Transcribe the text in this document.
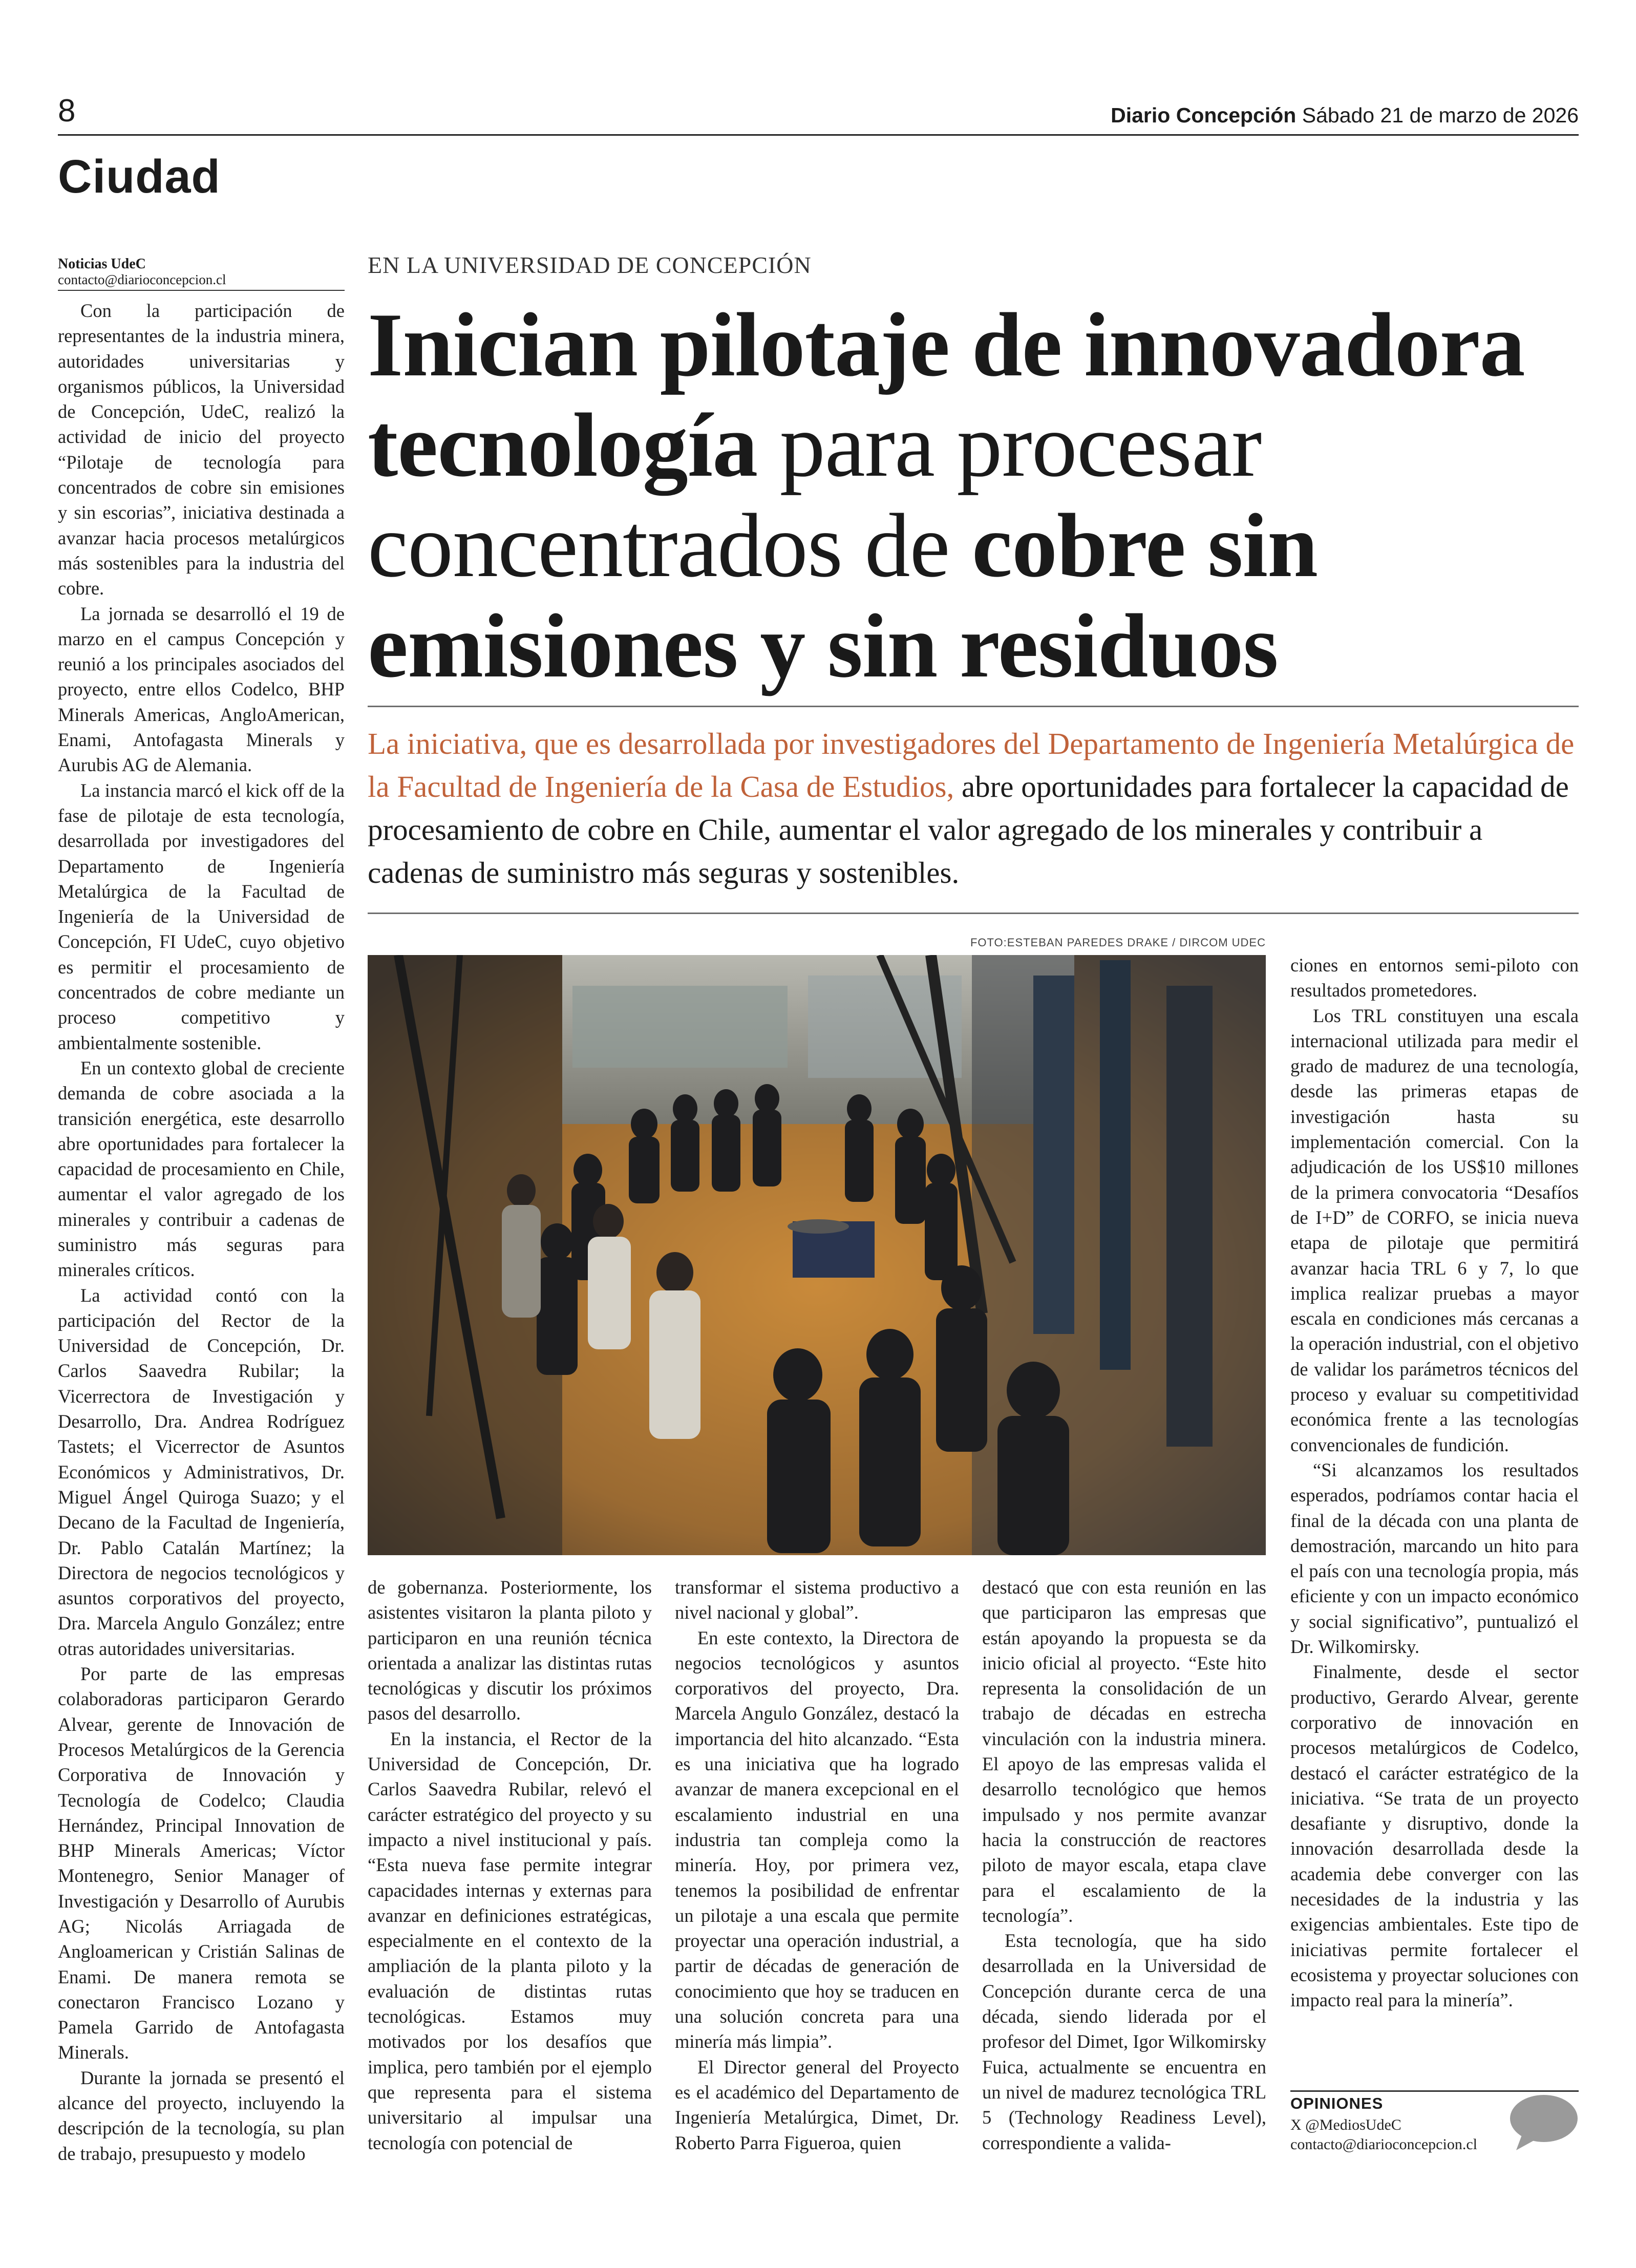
8	Diario Concepción Sábado 21 de marzo de 2026
Ciudad
Noticias UdeC
contacto@diarioconcepcion.cl
EN LA UNIVERSIDAD DE CONCEPCIÓN
Inician pilotaje de innovadora tecnología para procesar concentrados de cobre sin emisiones y sin residuos
La iniciativa, que es desarrollada por investigadores del Departamento de Ingeniería Metalúrgica de la Facultad de Ingeniería de la Casa de Estudios, abre oportunidades para fortalecer la capacidad de procesamiento de cobre en Chile, aumentar el valor agregado de los minerales y contribuir a cadenas de suministro más seguras y sostenibles.
FOTO:ESTEBAN PAREDES DRAKE / DIRCOM UDEC

Con la participación de representantes de la industria minera, autoridades universitarias y organismos públicos, la Universidad de Concepción, UdeC, realizó la actividad de inicio del proyecto “Pilotaje de tecnología para concentrados de cobre sin emisiones y sin escorias”, iniciativa destinada a avanzar hacia procesos metalúrgicos más sostenibles para la industria del cobre.

La jornada se desarrolló el 19 de marzo en el campus Concepción y reunió a los principales asociados del proyecto, entre ellos Codelco, BHP Minerals Americas, AngloAmerican, Enami, Antofagasta Minerals y Aurubis AG de Alemania.

La instancia marcó el kick off de la fase de pilotaje de esta tecnología, desarrollada por investigadores del Departamento de Ingeniería Metalúrgica de la Facultad de Ingeniería de la Universidad de Concepción, FI UdeC, cuyo objetivo es permitir el procesamiento de concentrados de cobre mediante un proceso competitivo y ambientalmente sostenible.

En un contexto global de creciente demanda de cobre asociada a la transición energética, este desarrollo abre oportunidades para fortalecer la capacidad de procesamiento en Chile, aumentar el valor agregado de los minerales y contribuir a cadenas de suministro más seguras para minerales críticos.

La actividad contó con la participación del Rector de la Universidad de Concepción, Dr. Carlos Saavedra Rubilar; la Vicerrectora de Investigación y Desarrollo, Dra. Andrea Rodríguez Tastets; el Vicerrector de Asuntos Económicos y Administrativos, Dr. Miguel Ángel Quiroga Suazo; y el Decano de la Facultad de Ingeniería, Dr. Pablo Catalán Martínez; la Directora de negocios tecnológicos y asuntos corporativos del proyecto, Dra. Marcela Angulo González; entre otras autoridades universitarias.

Por parte de las empresas colaboradoras participaron Gerardo Alvear, gerente de Innovación de Procesos Metalúrgicos de la Gerencia Corporativa de Innovación y Tecnología de Codelco; Claudia Hernández, Principal Innovation de BHP Minerals Americas; Víctor Montenegro, Senior Manager of Investigación y Desarrollo of Aurubis AG; Nicolás Arriagada de Angloamerican y Cristián Salinas de Enami. De manera remota se conectaron Francisco Lozano y Pamela Garrido de Antofagasta Minerals.

Durante la jornada se presentó el alcance del proyecto, incluyendo la descripción de la tecnología, su plan de trabajo, presupuesto y modelo

de gobernanza. Posteriormente, los asistentes visitaron la planta piloto y participaron en una reunión técnica orientada a analizar las distintas rutas tecnológicas y discutir los próximos pasos del desarrollo.

En la instancia, el Rector de la Universidad de Concepción, Dr. Carlos Saavedra Rubilar, relevó el carácter estratégico del proyecto y su impacto a nivel institucional y país. “Esta nueva fase permite integrar capacidades internas y externas para avanzar en definiciones estratégicas, especialmente en el contexto de la ampliación de la planta piloto y la evaluación de distintas rutas tecnológicas. Estamos muy motivados por los desafíos que implica, pero también por el ejemplo que representa para el sistema universitario al impulsar una tecnología con potencial de

transformar el sistema productivo a nivel nacional y global”.

En este contexto, la Directora de negocios tecnológicos y asuntos corporativos del proyecto, Dra. Marcela Angulo González, destacó la importancia del hito alcanzado. “Esta es una iniciativa que ha logrado avanzar de manera excepcional en el escalamiento industrial en una industria tan compleja como la minería. Hoy, por primera vez, tenemos la posibilidad de enfrentar un pilotaje a una escala que permite proyectar una operación industrial, a partir de décadas de generación de conocimiento que hoy se traducen en una solución concreta para una minería más limpia”.

El Director general del Proyecto es el académico del Departamento de Ingeniería Metalúrgica, Dimet, Dr. Roberto Parra Figueroa, quien

destacó que con esta reunión en las que participaron las empresas que están apoyando la propuesta se da inicio oficial al proyecto. “Este hito representa la consolidación de un trabajo de décadas en estrecha vinculación con la industria minera. El apoyo de las empresas valida el desarrollo tecnológico que hemos impulsado y nos permite avanzar hacia la construcción de reactores piloto de mayor escala, etapa clave para el escalamiento de la tecnología”.

Esta tecnología, que ha sido desarrollada en la Universidad de Concepción durante cerca de una década, siendo liderada por el profesor del Dimet, Igor Wilkomirsky Fuica, actualmente se encuentra en un nivel de madurez tecnológica TRL 5 (Technology Readiness Level), correspondiente a valida-

ciones en entornos semi-piloto con resultados prometedores.

Los TRL constituyen una escala internacional utilizada para medir el grado de madurez de una tecnología, desde las primeras etapas de investigación hasta su implementación comercial. Con la adjudicación de los US$10 millones de la primera convocatoria “Desafíos de I+D” de CORFO, se inicia nueva etapa de pilotaje que permitirá avanzar hacia TRL 6 y 7, lo que implica realizar pruebas a mayor escala en condiciones más cercanas a la operación industrial, con el objetivo de validar los parámetros técnicos del proceso y evaluar su competitividad económica frente a las tecnologías convencionales de fundición.

“Si alcanzamos los resultados esperados, podríamos contar hacia el final de la década con una planta de demostración, marcando un hito para el país con una tecnología propia, más eficiente y con un impacto económico y social significativo”, puntualizó el Dr. Wilkomirsky.

Finalmente, desde el sector productivo, Gerardo Alvear, gerente corporativo de innovación en procesos metalúrgicos de Codelco, destacó el carácter estratégico de la iniciativa. “Se trata de un proyecto desafiante y disruptivo, donde la innovación desarrollada desde la academia debe converger con las necesidades de la industria y las exigencias ambientales. Este tipo de iniciativas permite fortalecer el ecosistema y proyectar soluciones con impacto real para la minería”.

OPINIONES
X @MediosUdeC
contacto@diarioconcepcion.cl
